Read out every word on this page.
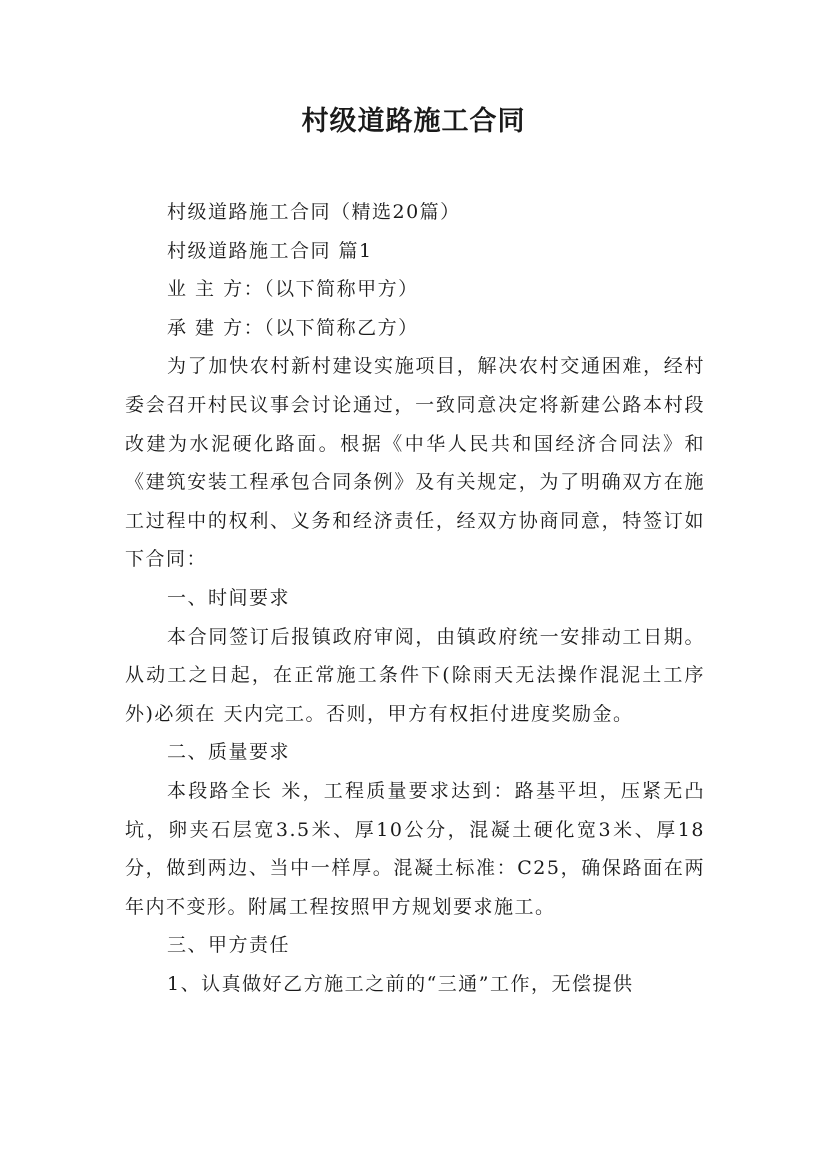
村级道路施工合同

村级道路施工合同（精选20篇）

村级道路施工合同 篇1

业 主 方：（以下简称甲方）

承 建 方：（以下简称乙方）

为了加快农村新村建设实施项目，解决农村交通困难，经村委会召开村民议事会讨论通过，一致同意决定将新建公路本村段改建为水泥硬化路面。根据《中华人民共和国经济合同法》和《建筑安装工程承包合同条例》及有关规定，为了明确双方在施工过程中的权利、义务和经济责任，经双方协商同意，特签订如下合同：

一、时间要求

本合同签订后报镇政府审阅，由镇政府统一安排动工日期。从动工之日起，在正常施工条件下(除雨天无法操作混泥土工序外)必须在 天内完工。否则，甲方有权拒付进度奖励金。

二、质量要求

本段路全长 米，工程质量要求达到：路基平坦，压紧无凸坑，卵夹石层宽3.5米、厚10公分，混凝土硬化宽3米、厚18分，做到两边、当中一样厚。混凝土标准：C25，确保路面在两年内不变形。附属工程按照甲方规划要求施工。

三、甲方责任

1、认真做好乙方施工之前的“三通”工作，无偿提供
